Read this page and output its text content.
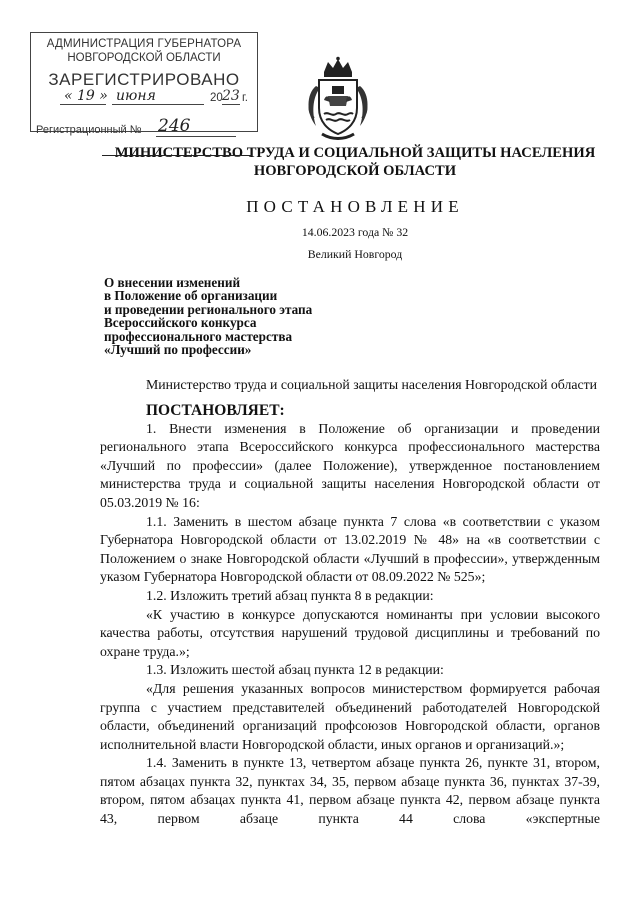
АДМИНИСТРАЦИЯ ГУБЕРНАТОРА
НОВГОРОДСКОЙ ОБЛАСТИ
ЗАРЕГИСТРИРОВАНО
« 19 » июня	20 23 г.
Регистрационный № 246
МИНИСТЕРСТВО ТРУДА И СОЦИАЛЬНОЙ ЗАЩИТЫ НАСЕЛЕНИЯ
НОВГОРОДСКОЙ ОБЛАСТИ
ПОСТАНОВЛЕНИЕ
14.06.2023 года № 32
Великий Новгород
О внесении изменений
в Положение об организации
и проведении регионального этапа
Всероссийского конкурса
профессионального мастерства
«Лучший по профессии»

Министерство труда и социальной защиты населения Новгородской области

ПОСТАНОВЛЯЕТ:

1. Внести изменения в Положение об организации и проведении регионального этапа Всероссийского конкурса профессионального мастерства «Лучший по профессии» (далее Положение), утвержденное постановлением министерства труда и социальной защиты населения Новгородской области от 05.03.2019 № 16:

1.1. Заменить в шестом абзаце пункта 7 слова «в соответствии с указом Губернатора Новгородской области от 13.02.2019 № 48» на «в соответствии с Положением о знаке Новгородской области «Лучший в профессии», утвержденным указом Губернатора Новгородской области от 08.09.2022 № 525»;

1.2. Изложить третий абзац пункта 8 в редакции:

«К участию в конкурсе допускаются номинанты при условии высокого качества работы, отсутствия нарушений трудовой дисциплины и требований по охране труда.»;

1.3. Изложить шестой абзац пункта 12 в редакции:

«Для решения указанных вопросов министерством формируется рабочая группа с участием представителей объединений работодателей Новгородской области, объединений организаций профсоюзов Новгородской области, органов исполнительной власти Новгородской области, иных органов и организаций.»;

1.4. Заменить в пункте 13, четвертом абзаце пункта 26, пункте 31, втором, пятом абзацах пункта 32, пунктах 34, 35, первом абзаце пункта 36, пунктах 37-39, втором, пятом абзацах пункта 41, первом абзаце пункта 42, первом абзаце пункта 43, первом абзаце пункта 44 слова «экспертные
